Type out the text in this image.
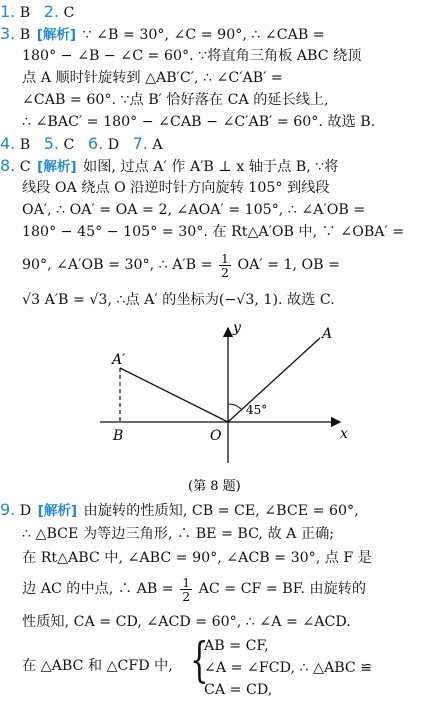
1. B 2. C
3. B [解析] ∵ ∠B = 30°, ∠C = 90°, ∴ ∠CAB =
180° − ∠B − ∠C = 60°. ∵将直角三角板 ABC 绕顶
点 A 顺时针旋转到 △AB′C′, ∴ ∠C′AB′ =
∠CAB = 60°. ∵点 B′ 恰好落在 CA 的延长线上,
∴ ∠BAC′ = 180° − ∠CAB − ∠C′AB′ = 60°. 故选 B.
4. B 5. C 6. D 7. A
8. C [解析] 如图, 过点 A′ 作 A′B ⊥ x 轴于点 B, ∵将
线段 OA 绕点 O 沿逆时针方向旋转 105° 到线段
OA′, ∴ OA′ = OA = 2, ∠AOA′ = 105°, ∴ ∠A′OB =
180° − 45° − 105° = 30°. 在 Rt△A′OB 中, ∵ ∠OBA′ =
90°, ∠A′OB = 30°, ∴ $A'B = \frac{1}{2} OA' = 1$, OB =
√3 A′B = √3, ∴点 A′ 的坐标为(−√3, 1). 故选 C.
A′
A
B	O	x
y
45°
(第 8 题)
9. D [解析] 由旋转的性质知, CB = CE, ∠BCE = 60°,
∴ △BCE 为等边三角形, ∴ BE = BC, 故 A 正确;
在 Rt△ABC 中, ∠ABC = 90°, ∠ACB = 30°, 点 F 是
边 AC 的中点, ∴ AB = $\frac{1}{2}$ AC = CF = BF. 由旋转的
性质知, CA = CD, ∠ACD = 60°, ∴ ∠A = ∠ACD.
在 △ABC 和 △CFD 中, {
AB = CF,
∠A = ∠FCD, ∴ △ABC ≌
CA = CD,
